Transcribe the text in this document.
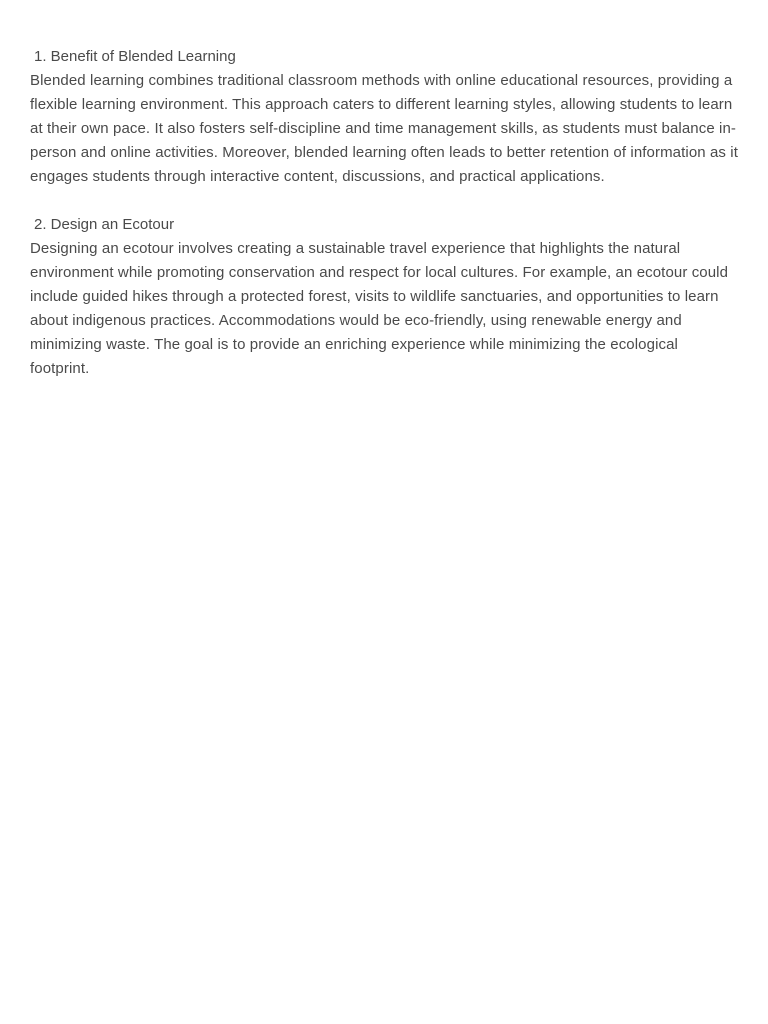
1. Benefit of Blended Learning

Blended learning combines traditional classroom methods with online educational resources, providing a flexible learning environment. This approach caters to different learning styles, allowing students to learn at their own pace. It also fosters self-discipline and time management skills, as students must balance in-person and online activities. Moreover, blended learning often leads to better retention of information as it engages students through interactive content, discussions, and practical applications.

2. Design an Ecotour

Designing an ecotour involves creating a sustainable travel experience that highlights the natural environment while promoting conservation and respect for local cultures. For example, an ecotour could include guided hikes through a protected forest, visits to wildlife sanctuaries, and opportunities to learn about indigenous practices. Accommodations would be eco-friendly, using renewable energy and minimizing waste. The goal is to provide an enriching experience while minimizing the ecological footprint.
